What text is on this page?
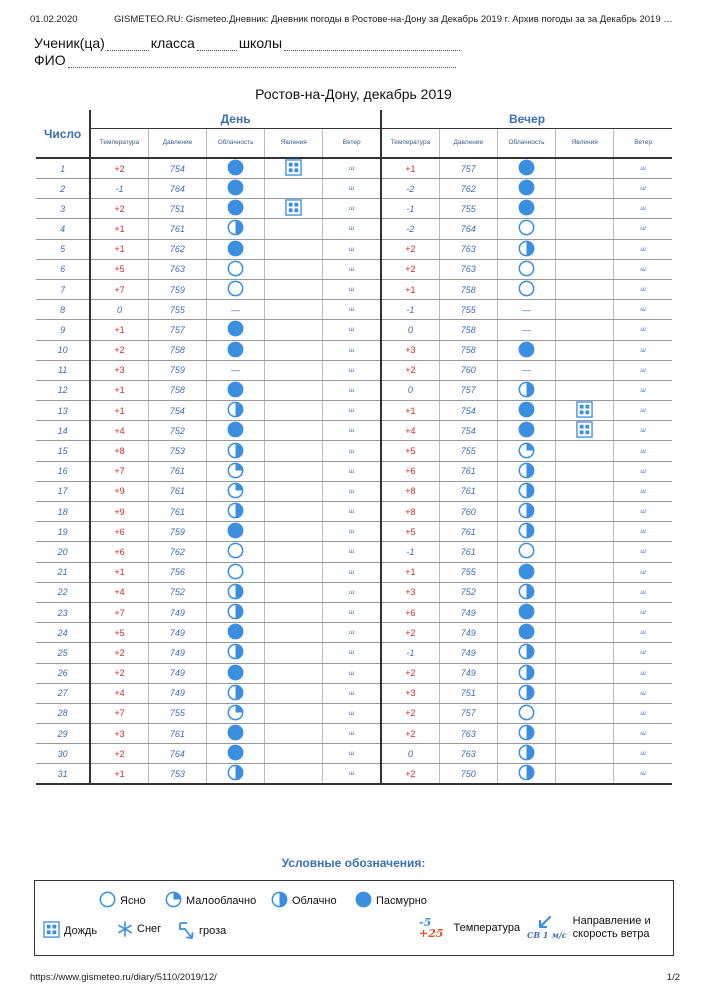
01.02.2020	GISMETEO.RU: Gismeteo.Дневник: Дневник погоды в Ростове-на-Дону за Декабрь 2019 г. Архив погоды за за Декабрь 2019 …
Ученик(ца)	класса	школы
ФИО
Ростов-на-Дону, декабрь 2019
Число	День					Вечер				
	Температура	Давление	Облачность	Явления	Ветер	Температура	Давление	Облачность	Явления	Ветер
1	+2	754			ш	+1	757			ш
2	-1	764			ш	-2	762			ш
3	+2	751			ш	-1	755			ш
4	+1	761			ш	-2	764			ш
5	+1	762			ш	+2	763			ш
6	+5	763			ш	+2	763			ш
7	+7	759			ш	+1	758			ш
8	0	755	—		ш	-1	755	—		ш
9	+1	757			ш	0	758	—		ш
10	+2	758			ш	+3	758			ш
11	+3	759	—		ш	+2	760	—		ш
12	+1	758			ш	0	757			ш
13	+1	754			ш	+1	754			ш
14	+4	752			ш	+4	754			ш
15	+8	753			ш	+5	755			ш
16	+7	761			ш	+6	761			ш
17	+9	761			ш	+8	761			ш
18	+9	761			ш	+8	760			ш
19	+6	759			ш	+5	761			ш
20	+6	762			ш	-1	761			ш
21	+1	756			ш	+1	755			ш
22	+4	752			ш	+3	752			ш
23	+7	749			ш	+6	749			ш
24	+5	749			ш	+2	749			ш
25	+2	749			ш	-1	749			ш
26	+2	749			ш	+2	749			ш
27	+4	749			ш	+3	751			ш
28	+7	755			ш	+2	757			ш
29	+3	761			ш	+2	763			ш
30	+2	764			ш	0	763			ш
31	+1	753			ш	+2	750			ш
Условные обозначения:
Ясно	Малооблачно	Облачно	Пасмурно
Дождь	Снег	гроза
-5
+25 Температура
СВ 1 м/с
Направление и скорость ветра
https://www.gismeteo.ru/diary/5110/2019/12/	1/2
